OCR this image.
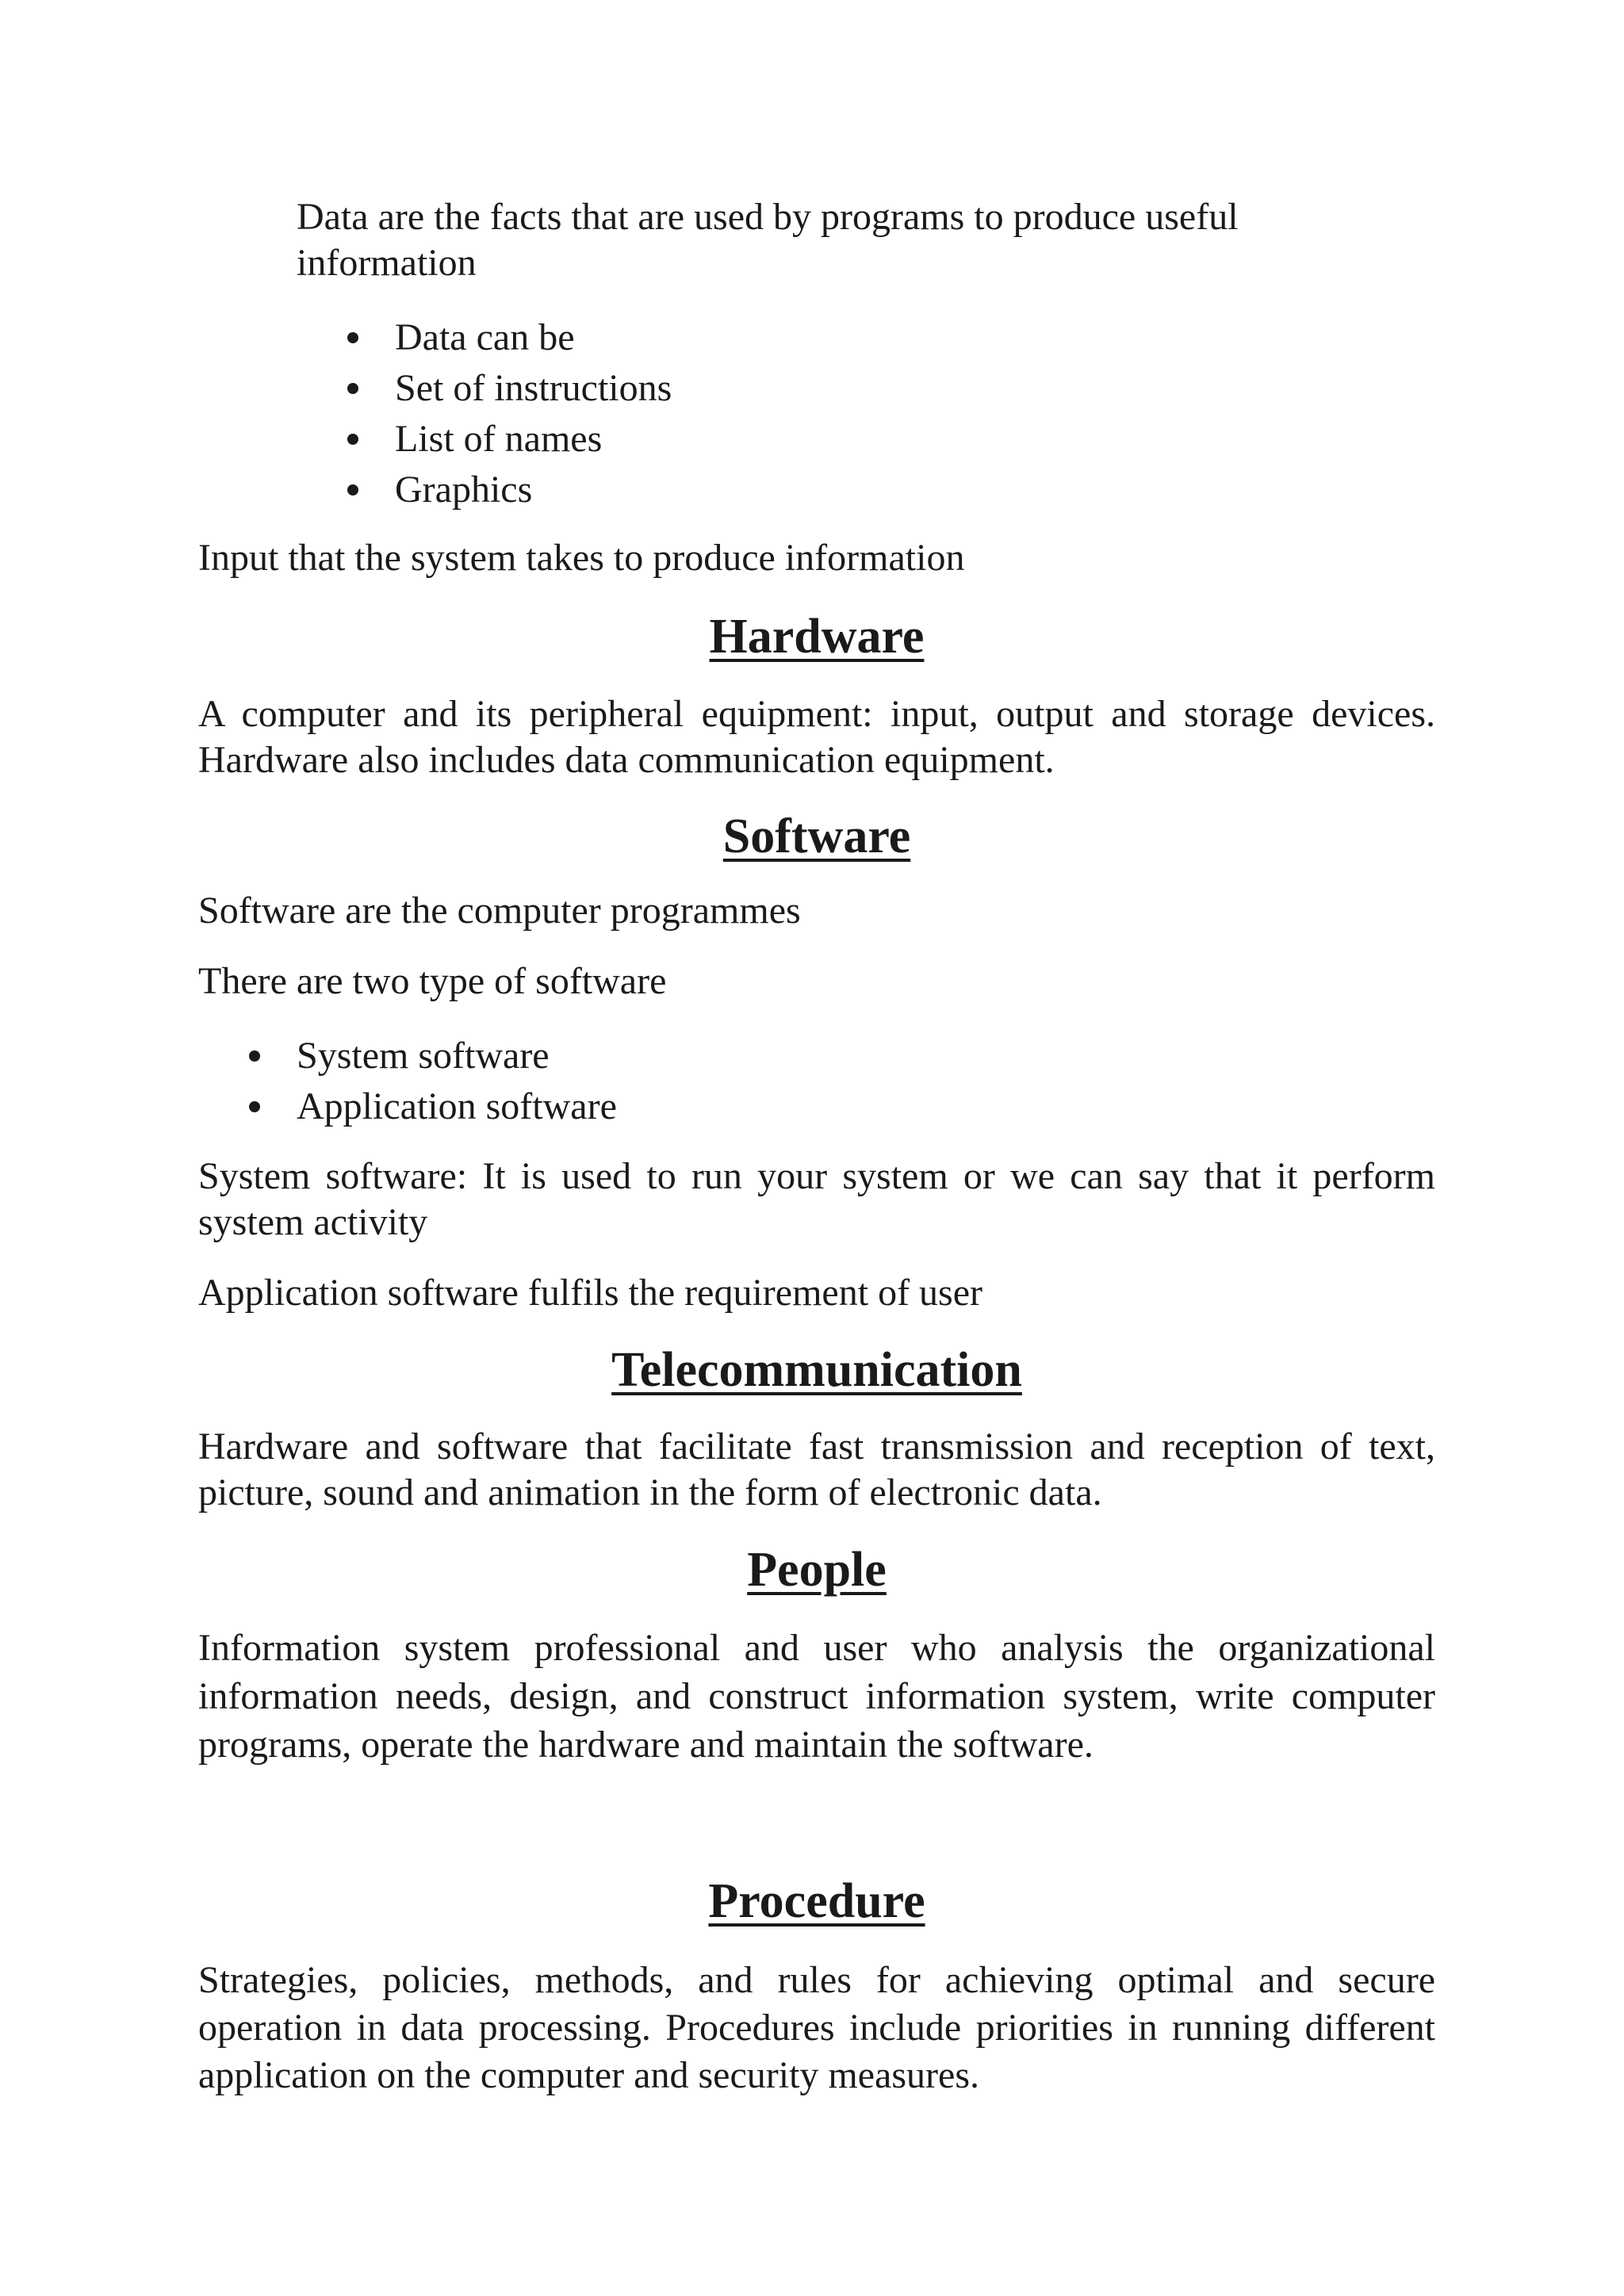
Data are the facts that are used by programs to produce useful information

Data can be
Set of instructions
List of names
Graphics

Input that the system takes to produce information

Hardware

A computer and its peripheral equipment: input, output and storage devices. Hardware also includes data communication equipment.

Software

Software are the computer programmes

There are two type of software

System software
Application software

System software: It is used to run your system or we can say that it perform system activity

Application software fulfils the requirement of user

Telecommunication

Hardware and software that facilitate fast transmission and reception of text, picture, sound and animation in the form of electronic data.

People

Information system professional and user who analysis the organizational information needs, design, and construct information system, write computer programs, operate the hardware and maintain the software.

Procedure

Strategies, policies, methods, and rules for achieving optimal and secure operation in data processing. Procedures include priorities in running different application on the computer and security measures.
